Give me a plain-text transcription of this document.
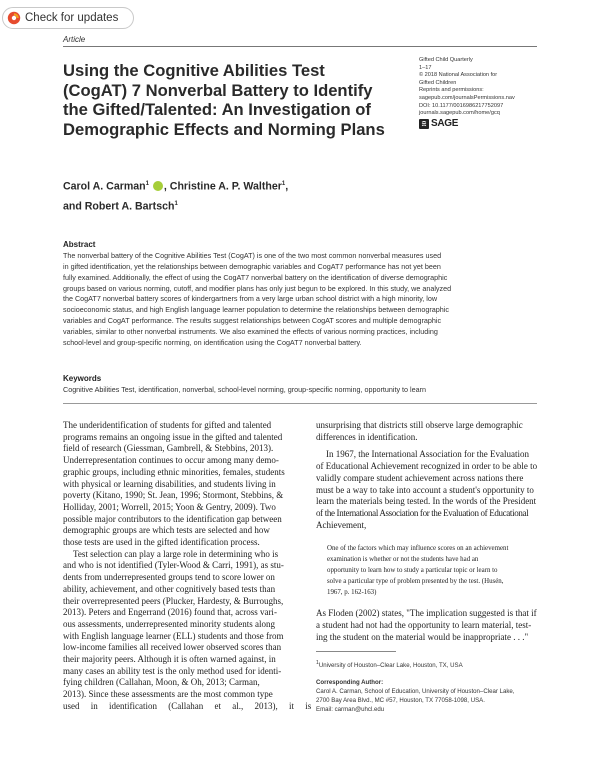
Check for updates
Article
Using the Cognitive Abilities Test
(CogAT) 7 Nonverbal Battery to Identify
the Gifted/Talented: An Investigation of
Demographic Effects and Norming Plans
Gifted Child Quarterly
1–17
© 2018 National Association for
Gifted Children
Reprints and permissions:
sagepub.com/journalsPermissions.nav
DOI: 10.1177/0016986217752097
journals.sagepub.com/home/gcq
SAGE
Carol A. Carman$^1$ , Christine A. P. Walther$^1$,
and Robert A. Bartsch$^1$
Abstract
The nonverbal battery of the Cognitive Abilities Test (CogAT) is one of the two most common nonverbal measures used
in gifted identification, yet the relationships between demographic variables and CogAT7 performance has not yet been
fully examined. Additionally, the effect of using the CogAT7 nonverbal battery on the identification of diverse demographic
groups based on various norming, cutoff, and modifier plans has only just begun to be explored. In this study, we analyzed
the CogAT7 nonverbal battery scores of kindergartners from a very large urban school district with a high minority, low
socioeconomic status, and high English language learner population to determine the relationships between demographic
variables and CogAT performance. The results suggest relationships between CogAT scores and multiple demographic
variables, similar to other nonverbal instruments. We also examined the effects of various norming practices, including
school-level and group-specific norming, on identification using the CogAT7 nonverbal battery.
Keywords
Cognitive Abilities Test, identification, nonverbal, school-level norming, group-specific norming, opportunity to learn
The underidentification of students for gifted and talented
programs remains an ongoing issue in the gifted and talented
field of research (Giessman, Gambrell, & Stebbins, 2013).
Underrepresentation continues to occur among many demo-
graphic groups, including ethnic minorities, females, students
with physical or learning disabilities, and students living in
poverty (Kitano, 1990; St. Jean, 1996; Stormont, Stebbins, &
Holliday, 2001; Worrell, 2015; Yoon & Gentry, 2009). Two
possible major contributors to the identification gap between
demographic groups are which tests are selected and how
those tests are used in the gifted identification process.
Test selection can play a large role in determining who is
and who is not identified (Tyler-Wood & Carri, 1991), as stu-
dents from underrepresented groups tend to score lower on
ability, achievement, and other cognitively based tests than
their overrepresented peers (Plucker, Hardesty, & Burroughs,
2013). Peters and Engerrand (2016) found that, across vari-
ous assessments, underrepresented minority students along
with English language learner (ELL) students and those from
low-income families all received lower observed scores than
their majority peers. Although it is often warned against, in
many cases an ability test is the only method used for identi-
fying children (Callahan, Moon, & Oh, 2013; Carman,
2013). Since these assessments are the most common type
used in identification (Callahan et al., 2013), it is
unsurprising that districts still observe large demographic
differences in identification.
In 1967, the International Association for the Evaluation
of Educational Achievement recognized in order to be able to
validly compare student achievement across nations there
must be a way to take into account a student's opportunity to
learn the materials being tested. In the words of the President
of the International Association for the Evaluation of Educational
Achievement,
One of the factors which may influence scores on an achievement
examination is whether or not the students have had an
opportunity to learn how to study a particular topic or learn to
solve a particular type of problem presented by the test. (Husén,
1967, p. 162-163)
As Floden (2002) states, "The implication suggested is that if
a student had not had the opportunity to learn material, test-
ing the student on the material would be inappropriate . . ."
$^1$University of Houston–Clear Lake, Houston, TX, USA
Corresponding Author:
Carol A. Carman, School of Education, University of Houston–Clear Lake,
2700 Bay Area Blvd., MC #57, Houston, TX 77058-1098, USA.
Email: carman@uhcl.edu
